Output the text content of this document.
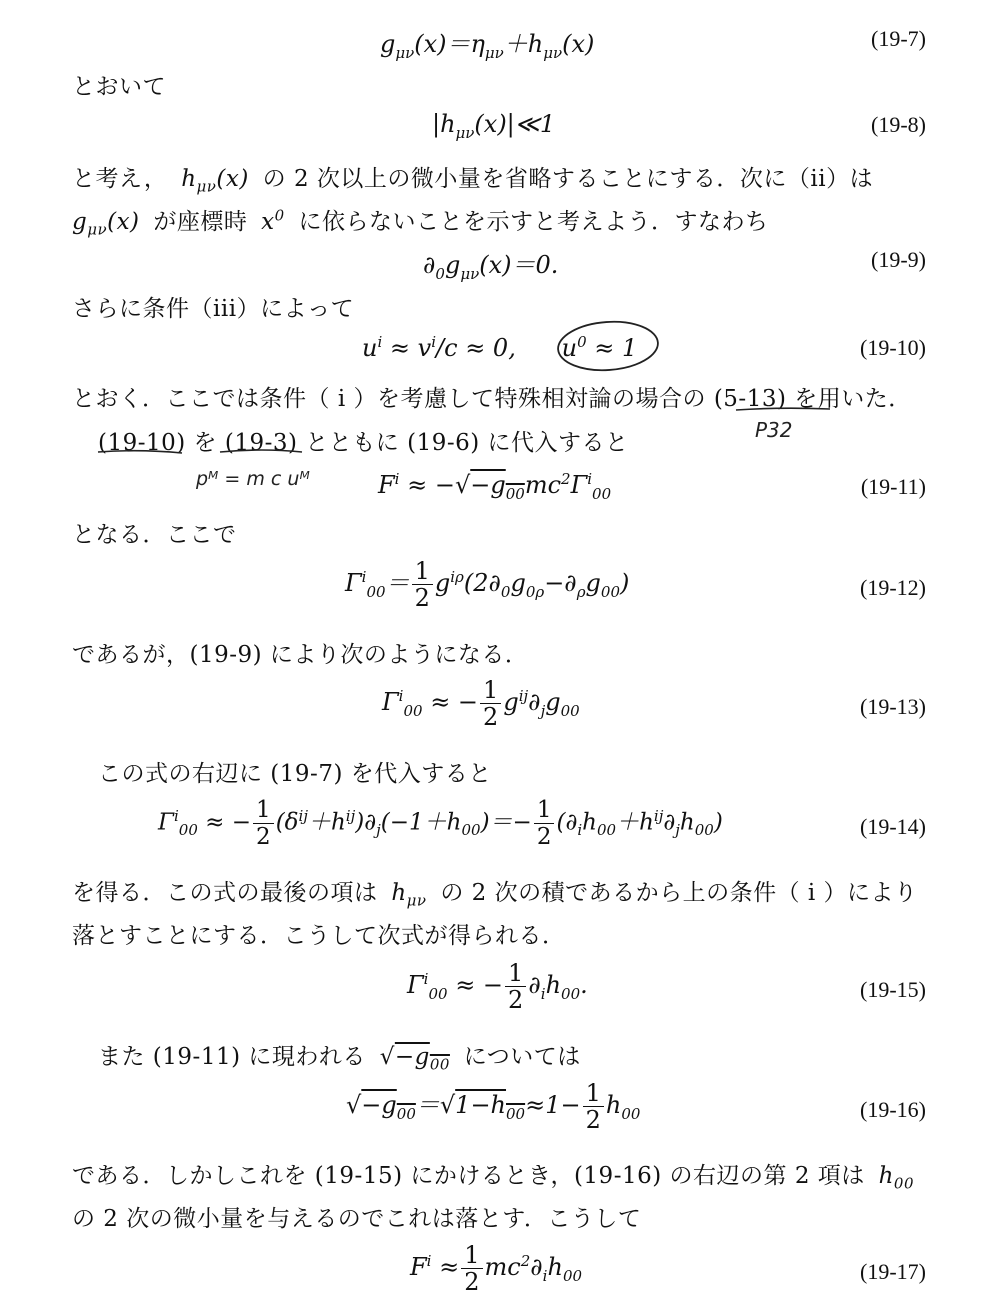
$g_{\mu\nu}(x)=\eta_{\mu\nu}+h_{\mu\nu}(x)$	(19-7)
とおいて
$|h_{\mu\nu}(x)|≪1$	(19-8)
と考え， $h_{\mu\nu}(x)$ の 2 次以上の微小量を省略することにする．次に（ii）は
$g_{\mu\nu}(x)$ が座標時 $x^0$ に依らないことを示すと考えよう．すなわち
$\partial_0g_{\mu\nu}(x)=0$.	(19-9)
さらに条件（iii）によって
$u^i \approx v^i/c \approx 0$,      $u^0 \approx 1$	(19-10)
とおく．ここでは条件（ i ）を考慮して特殊相対論の場合の (5-13) を用いた．
(19-10) を (19-3) とともに (19-6) に代入すると	P32
pᴹ = m c uᴹ	$F^i \approx -√-g_{00}mc^2\Gamma^i_{00}$	(19-11)
となる．ここで
$\Gamma^i_{00}= \frac{1}{2} g^{i\rho}(2\partial_0g_{0\rho}-\partial_\rho g_{00})$	(19-12)
であるが，(19-9) により次のようになる．
$\Gamma^i_{00}$ ≈ − $\frac{1}{2} g^{ij}\partial_jg_{00}$	(19-13)
この式の右辺に (19-7) を代入すると
$\Gamma^i_{00}$ ≈ − $\frac{1}{2} (\delta^{ij}+h^{ij})\partial_j(-1+h_{00})=- \frac{1}{2} (\partial_ih_{00}+h^{ij}\partial_jh_{00})$	(19-14)
を得る．この式の最後の項は $h_{\mu\nu}$ の 2 次の積であるから上の条件（ i ）により
落とすことにする．こうして次式が得られる．
$\Gamma^i_{00}$ ≈ − $\frac{1}{2} \partial_ih_{00}$.	(19-15)
また (19-11) に現われる $√-g_{00}$ については
$√-g_{00}=√1-h_{00}\approx 1- \frac{1}{2} h_{00}$	(19-16)
である．しかしこれを (19-15) にかけるとき，(19-16) の右辺の第 2 項は $h_{00}$
の 2 次の微小量を与えるのでこれは落とす．こうして
$F^i \approx \frac{1}{2} mc^2\partial_ih_{00}$	(19-17)
